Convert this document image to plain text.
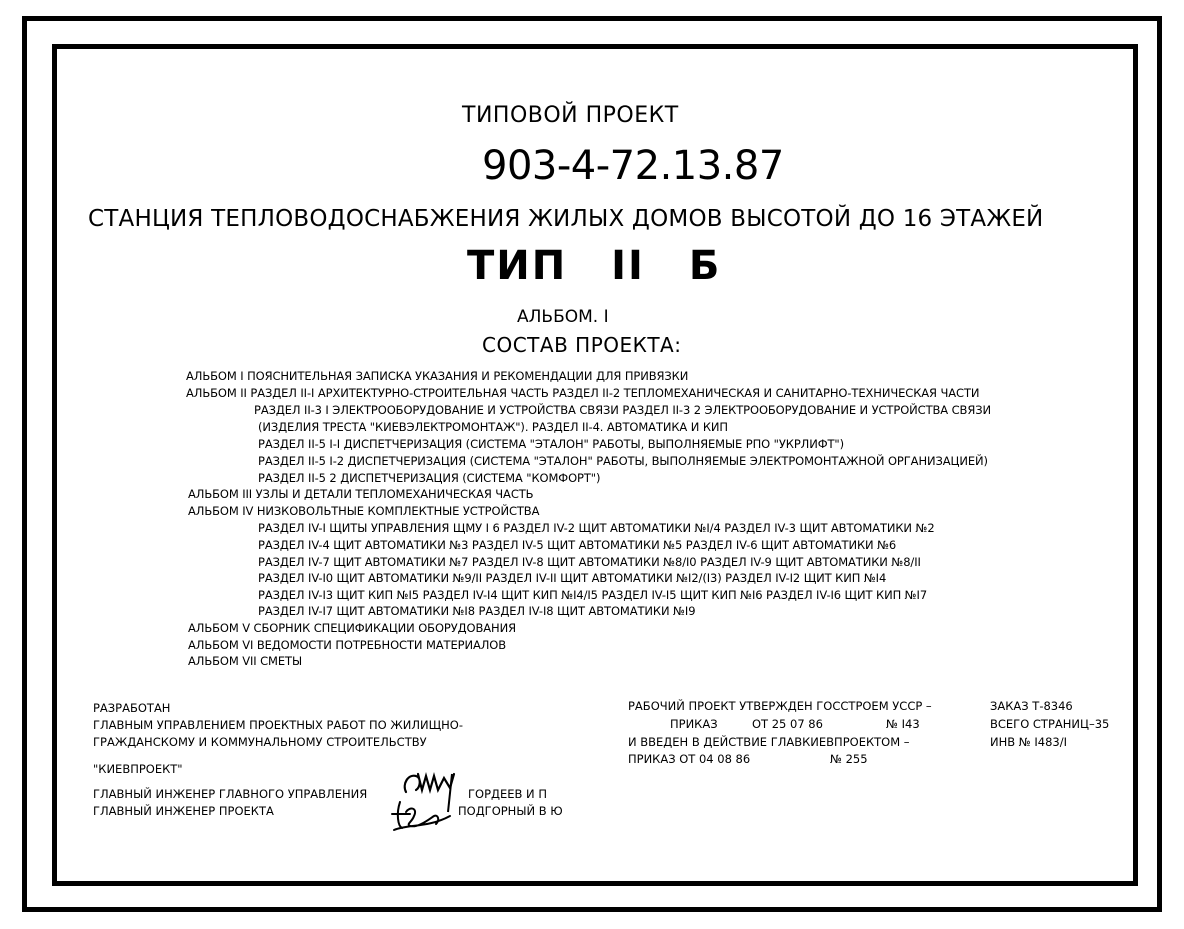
ТИПОВОЙ ПРОЕКТ
903-4-72.13.87
СТАНЦИЯ ТЕПЛОВОДОСНАБЖЕНИЯ ЖИЛЫХ ДОМОВ ВЫСОТОЙ ДО 16 ЭТАЖЕЙ
ТИП II Б
АЛЬБОМ. I
СОСТАВ ПРОЕКТА:
АЛЬБОМ I ПОЯСНИТЕЛЬНАЯ ЗАПИСКА УКАЗАНИЯ И РЕКОМЕНДАЦИИ ДЛЯ ПРИВЯЗКИ
АЛЬБОМ II РАЗДЕЛ II-I АРХИТЕКТУРНО-СТРОИТЕЛЬНАЯ ЧАСТЬ РАЗДЕЛ II-2 ТЕПЛОМЕХАНИЧЕСКАЯ И САНИТАРНО-ТЕХНИЧЕСКАЯ ЧАСТИ
РАЗДЕЛ II-3 I ЭЛЕКТРООБОРУДОВАНИЕ И УСТРОЙСТВА СВЯЗИ РАЗДЕЛ II-3 2 ЭЛЕКТРООБОРУДОВАНИЕ И УСТРОЙСТВА СВЯЗИ
(ИЗДЕЛИЯ ТРЕСТА "КИЕВЭЛЕКТРОМОНТАЖ"). РАЗДЕЛ II-4. АВТОМАТИКА И КИП
РАЗДЕЛ II-5 I-I ДИСПЕТЧЕРИЗАЦИЯ (СИСТЕМА "ЭТАЛОН" РАБОТЫ, ВЫПОЛНЯЕМЫЕ РПО "УКРЛИФТ")
РАЗДЕЛ II-5 I-2 ДИСПЕТЧЕРИЗАЦИЯ (СИСТЕМА "ЭТАЛОН" РАБОТЫ, ВЫПОЛНЯЕМЫЕ ЭЛЕКТРОМОНТАЖНОЙ ОРГАНИЗАЦИЕЙ)
РАЗДЕЛ II-5 2 ДИСПЕТЧЕРИЗАЦИЯ (СИСТЕМА "КОМФОРТ")
АЛЬБОМ III УЗЛЫ И ДЕТАЛИ ТЕПЛОМЕХАНИЧЕСКАЯ ЧАСТЬ
АЛЬБОМ IV НИЗКОВОЛЬТНЫЕ КОМПЛЕКТНЫЕ УСТРОЙСТВА
РАЗДЕЛ IV-I ЩИТЫ УПРАВЛЕНИЯ ЩМУ I 6 РАЗДЕЛ IV-2 ЩИТ АВТОМАТИКИ №I/4 РАЗДЕЛ IV-3 ЩИТ АВТОМАТИКИ №2
РАЗДЕЛ IV-4 ЩИТ АВТОМАТИКИ №3 РАЗДЕЛ IV-5 ЩИТ АВТОМАТИКИ №5 РАЗДЕЛ IV-6 ЩИТ АВТОМАТИКИ №6
РАЗДЕЛ IV-7 ЩИТ АВТОМАТИКИ №7 РАЗДЕЛ IV-8 ЩИТ АВТОМАТИКИ №8/I0 РАЗДЕЛ IV-9 ЩИТ АВТОМАТИКИ №8/II
РАЗДЕЛ IV-I0 ЩИТ АВТОМАТИКИ №9/II РАЗДЕЛ IV-II ЩИТ АВТОМАТИКИ №I2/(I3) РАЗДЕЛ IV-I2 ЩИТ КИП №I4
РАЗДЕЛ IV-I3 ЩИТ КИП №I5 РАЗДЕЛ IV-I4 ЩИТ КИП №I4/I5 РАЗДЕЛ IV-I5 ЩИТ КИП №I6 РАЗДЕЛ IV-I6 ЩИТ КИП №I7
РАЗДЕЛ IV-I7 ЩИТ АВТОМАТИКИ №I8 РАЗДЕЛ IV-I8 ЩИТ АВТОМАТИКИ №I9
АЛЬБОМ V СБОРНИК СПЕЦИФИКАЦИИ ОБОРУДОВАНИЯ
АЛЬБОМ VI ВЕДОМОСТИ ПОТРЕБНОСТИ МАТЕРИАЛОВ
АЛЬБОМ VII СМЕТЫ
РАЗРАБОТАН
ГЛАВНЫМ УПРАВЛЕНИЕМ ПРОЕКТНЫХ РАБОТ ПО ЖИЛИЩНО-
ГРАЖДАНСКОМУ И КОММУНАЛЬНОМУ СТРОИТЕЛЬСТВУ
"КИЕВПРОЕКТ"
ГЛАВНЫЙ ИНЖЕНЕР ГЛАВНОГО УПРАВЛЕНИЯ
ГЛАВНЫЙ ИНЖЕНЕР ПРОЕКТА
ГОРДЕЕВ И П
ПОДГОРНЫЙ В Ю
РАБОЧИЙ ПРОЕКТ УТВЕРЖДЕН ГОССТРОЕМ УССР –
ПРИКАЗ	ОТ 25 07 86	№ I43
И ВВЕДЕН В ДЕЙСТВИЕ ГЛАВКИЕВПРОЕКТОМ –
ПРИКАЗ ОТ 04 08 86	№ 255
ЗАКАЗ Т-8346
ВСЕГО СТРАНИЦ–35
ИНВ № I483/I
